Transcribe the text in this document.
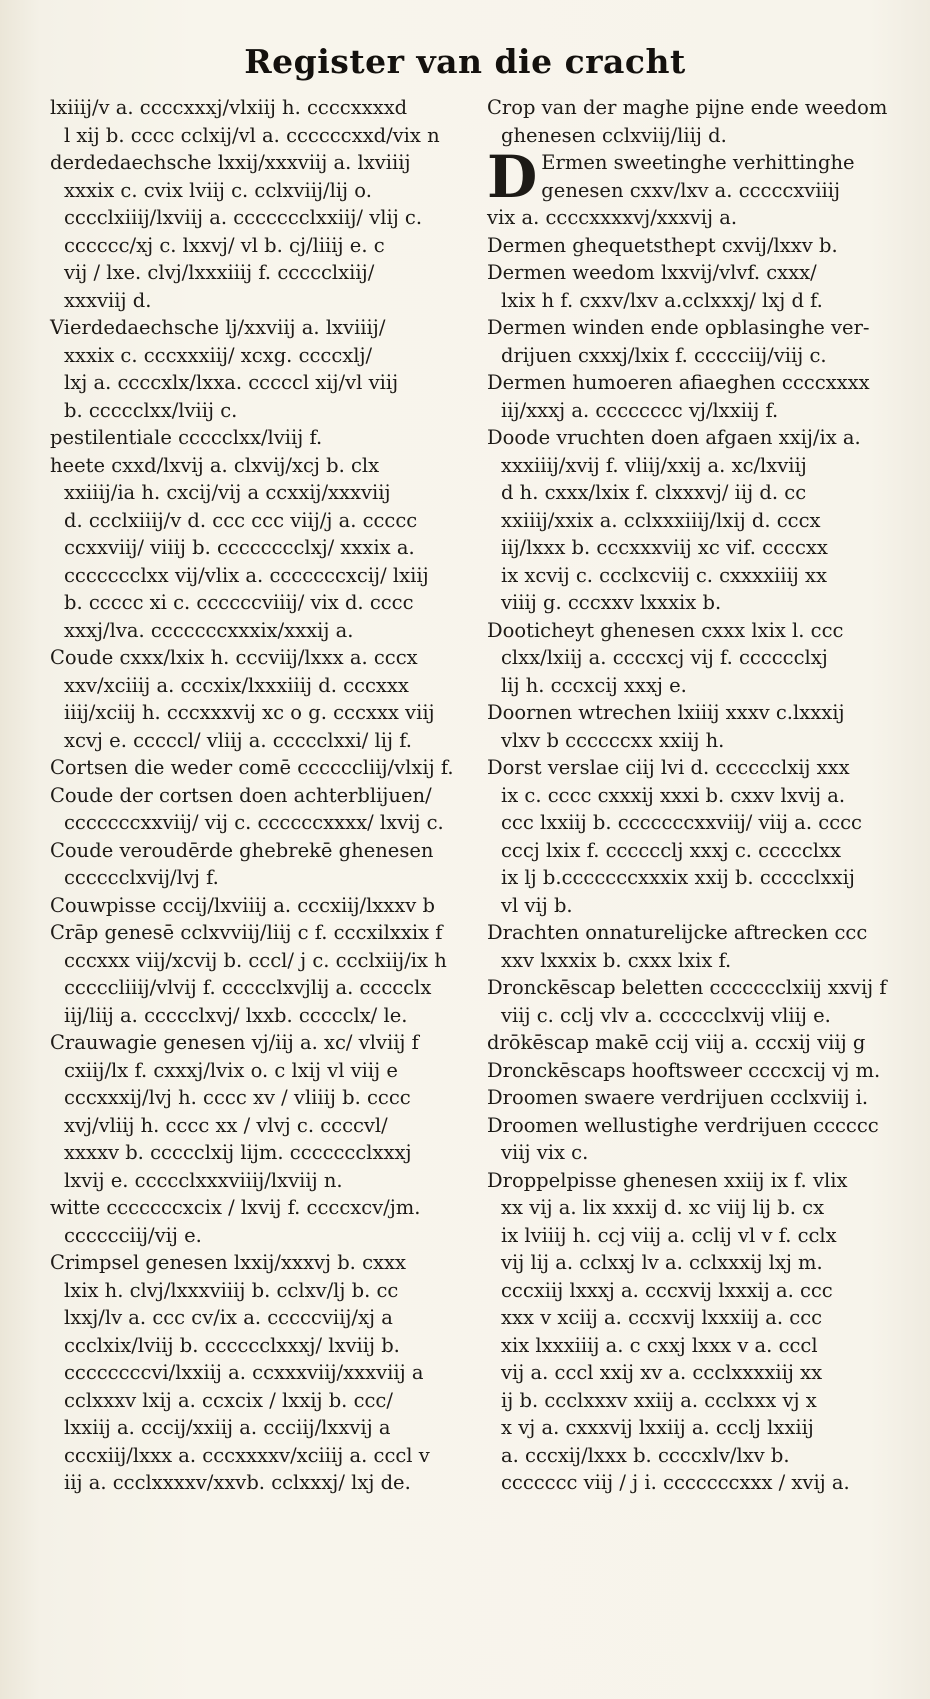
Register van die cracht
lxiiij/v a. ccccxxxj/vlxiij h. ccccxxxxd
l xij b. cccc cclxij/vl a. ccccccxxd/vix n
derdedaechsche lxxij/xxxviij a. lxviiij
xxxix c. cvix lviij c. cclxviij/lij o.
cccclxiiij/lxviij a. ccccccclxxiij/ vlij c.
cccccc/xj c. lxxvj/ vl b. cj/liiij e. c
vij / lxe. clvj/lxxxiiij f. ccccclxiij/
xxxviij d.
Vierdedaechsche lj/xxviij a. lxviiij/
xxxix c. cccxxxiij/ xcxg. ccccxlj/
lxj a. ccccxlx/lxxa. cccccl xij/vl viij
b. ccccclxx/lviij c.
pestilentiale ccccclxx/lviij f.
heete cxxd/lxvij a. clxvij/xcj b. clx
xxiiij/ia h. cxcij/vij a ccxxij/xxxviij
d. ccclxiiij/v d. ccc ccc viij/j a. ccccc
ccxxviij/ viiij b. cccccccclxj/ xxxix a.
ccccccclxx vij/vlix a. cccccccxcij/ lxiij
b. ccccc xi c. ccccccviiij/ vix d. cccc
xxxj/lva. cccccccxxxix/xxxij a.
Coude cxxx/lxix h. cccviij/lxxx a. cccx
xxv/xciiij a. cccxix/lxxxiiij d. cccxxx
iiij/xciij h. cccxxxvij xc o g. cccxxx viij
xcvj e. cccccl/ vliij a. ccccclxxi/ lij f.
Cortsen die weder comē ccccccliij/vlxij f.
Coude der cortsen doen achterblijuen/
cccccccxxviij/ vij c. ccccccxxxx/ lxvij c.
Coude veroudērde ghebrekē ghenesen
cccccclxvij/lvj f.
Couwpisse cccij/lxviiij a. cccxiij/lxxxv b
Crāp genesē cclxvviij/liij c f. cccxilxxix f
cccxxx viij/xcvij b. cccl/ j c. ccclxiij/ix h
cccccliiij/vlvij f. ccccclxvjlij a. ccccclx
iij/liij a. ccccclxvj/ lxxb. ccccclx/ le.
Crauwagie genesen vj/iij a. xc/ vlviij f
cxiij/lx f. cxxxj/lvix o. c lxij vl viij e
cccxxxij/lvj h. cccc xv / vliiij b. cccc
xvj/vliij h. cccc xx / vlvj c. ccccvl/
xxxxv b. ccccclxij lijm. ccccccclxxxj
lxvij e. ccccclxxxviiij/lxviij n.
witte cccccccxcix / lxvij f. ccccxcv/jm.
cccccciij/vij e.
Crimpsel genesen lxxij/xxxvj b. cxxx
lxix h. clvj/lxxxviiij b. cclxv/lj b. cc
lxxj/lv a. ccc cv/ix a. cccccviij/xj a
ccclxix/lviij b. cccccclxxxj/ lxviij b.
ccccccccvi/lxxiij a. ccxxxviij/xxxviij a
cclxxxv lxij a. ccxcix / lxxij b. ccc/
lxxiij a. cccij/xxiij a. ccciij/lxxvij a
cccxiij/lxxx a. cccxxxxv/xciiij a. cccl v
iij a. ccclxxxxv/xxvb. cclxxxj/ lxj de.
Crop van der maghe pijne ende weedom
ghenesen cclxviij/liij d.
D Ermen sweetinghe verhittinghe
genesen cxxv/lxv a. cccccxviiij
vix a. ccccxxxxvj/xxxvij a.
Dermen ghequetsthept cxvij/lxxv b.
Dermen weedom lxxvij/vlvf. cxxx/
lxix h f. cxxv/lxv a.cclxxxj/ lxj d f.
Dermen winden ende opblasinghe ver-
drijuen cxxxj/lxix f. ccccciij/viij c.
Dermen humoeren afiaeghen ccccxxxx
iij/xxxj a. cccccccc vj/lxxiij f.
Doode vruchten doen afgaen xxij/ix a.
xxxiiij/xvij f. vliij/xxij a. xc/lxviij
d h. cxxx/lxix f. clxxxvj/ iij d. cc
xxiiij/xxix a. cclxxxiiij/lxij d. cccx
iij/lxxx b. cccxxxviij xc vif. ccccxx
ix xcvij c. ccclxcviij c. cxxxxiiij xx
viiij g. cccxxv lxxxix b.
Dooticheyt ghenesen cxxx lxix l. ccc
clxx/lxiij a. ccccxcj vij f. cccccclxj
lij h. cccxcij xxxj e.
Doornen wtrechen lxiiij xxxv c.lxxxij
vlxv b ccccccxx xxiij h.
Dorst verslae ciij lvi d. cccccclxij xxx
ix c. cccc cxxxij xxxi b. cxxv lxvij a.
ccc lxxiij b. cccccccxxviij/ viij a. cccc
cccj lxix f. cccccclj xxxj c. ccccclxx
ix lj b.cccccccxxxix xxij b. ccccclxxij
vl vij b.
Drachten onnaturelijcke aftrecken ccc
xxv lxxxix b. cxxx lxix f.
Dronckēscap beletten ccccccclxiij xxvij f
viij c. cclj vlv a. cccccclxvij vliij e.
drōkēscap makē ccij viij a. cccxij viij g
Dronckēscaps hooftsweer ccccxcij vj m.
Droomen swaere verdrijuen ccclxviij i.
Droomen wellustighe verdrijuen cccccc
viij vix c.
Droppelpisse ghenesen xxiij ix f. vlix
xx vij a. lix xxxij d. xc viij lij b. cx
ix lviiij h. ccj viij a. cclij vl v f. cclx
vij lij a. cclxxj lv a. cclxxxij lxj m.
cccxiij lxxxj a. cccxvij lxxxij a. ccc
xxx v xciij a. cccxvij lxxxiij a. ccc
xix lxxxiiij a. c cxxj lxxx v a. cccl
vij a. cccl xxij xv a. ccclxxxxiij xx
ij b. ccclxxxv xxiij a. ccclxxx vj x
x vj a. cxxxvij lxxiij a. ccclj lxxiij
a. cccxij/lxxx b. ccccxlv/lxv b.
ccccccc viij / j i. cccccccxxx / xvij a.
